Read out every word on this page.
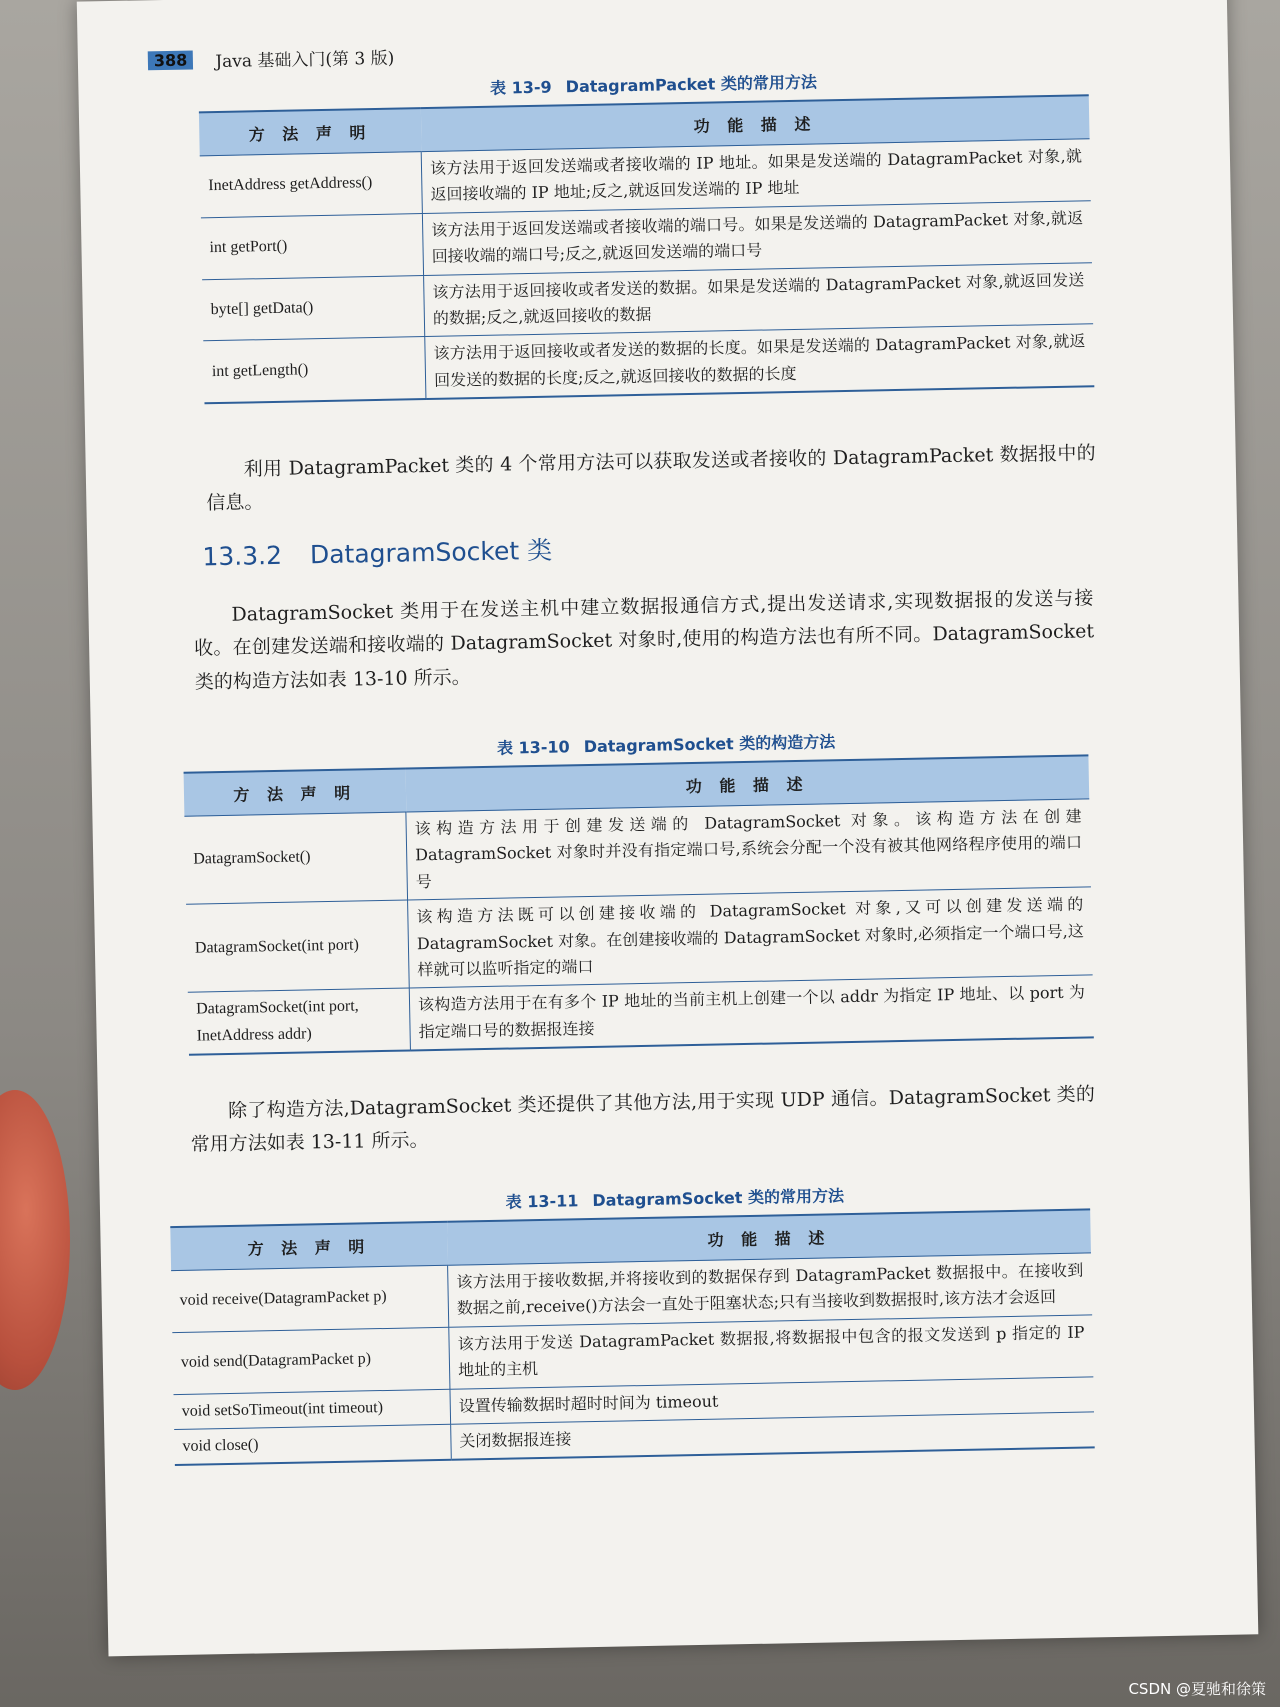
388	Java 基础入门(第 3 版)
表 13-9 DatagramPacket 类的常用方法
方 法 声 明	功 能 描 述
InetAddress getAddress()	该方法用于返回发送端或者接收端的 IP 地址。如果是发送端的 DatagramPacket 对象,就返回接收端的 IP 地址;反之,就返回发送端的 IP 地址
int getPort()	该方法用于返回发送端或者接收端的端口号。如果是发送端的 DatagramPacket 对象,就返回接收端的端口号;反之,就返回发送端的端口号
byte[] getData()	该方法用于返回接收或者发送的数据。如果是发送端的 DatagramPacket 对象,就返回发送的数据;反之,就返回接收的数据
int getLength()	该方法用于返回接收或者发送的数据的长度。如果是发送端的 DatagramPacket 对象,就返回发送的数据的长度;反之,就返回接收的数据的长度
利用 DatagramPacket 类的 4 个常用方法可以获取发送或者接收的 DatagramPacket 数据报中的信息。
13.3.2 DatagramSocket 类
DatagramSocket 类用于在发送主机中建立数据报通信方式,提出发送请求,实现数据报的发送与接收。在创建发送端和接收端的 DatagramSocket 对象时,使用的构造方法也有所不同。DatagramSocket 类的构造方法如表 13-10 所示。
表 13-10 DatagramSocket 类的构造方法
方 法 声 明	功 能 描 述
DatagramSocket()	该构造方法用于创建发送端的 DatagramSocket 对象。该构造方法在创建 DatagramSocket 对象时并没有指定端口号,系统会分配一个没有被其他网络程序使用的端口号
DatagramSocket(int port)	该构造方法既可以创建接收端的 DatagramSocket 对象,又可以创建发送端的 DatagramSocket 对象。在创建接收端的 DatagramSocket 对象时,必须指定一个端口号,这样就可以监听指定的端口
DatagramSocket(int port, InetAddress addr)	该构造方法用于在有多个 IP 地址的当前主机上创建一个以 addr 为指定 IP 地址、以 port 为指定端口号的数据报连接
除了构造方法,DatagramSocket 类还提供了其他方法,用于实现 UDP 通信。DatagramSocket 类的常用方法如表 13-11 所示。
表 13-11 DatagramSocket 类的常用方法
方 法 声 明	功 能 描 述
void receive(DatagramPacket p)	该方法用于接收数据,并将接收到的数据保存到 DatagramPacket 数据报中。在接收到数据之前,receive()方法会一直处于阻塞状态;只有当接收到数据报时,该方法才会返回
void send(DatagramPacket p)	该方法用于发送 DatagramPacket 数据报,将数据报中包含的报文发送到 p 指定的 IP 地址的主机
void setSoTimeout(int timeout)	设置传输数据时超时时间为 timeout
void close()	关闭数据报连接
CSDN @夏驰和徐策
